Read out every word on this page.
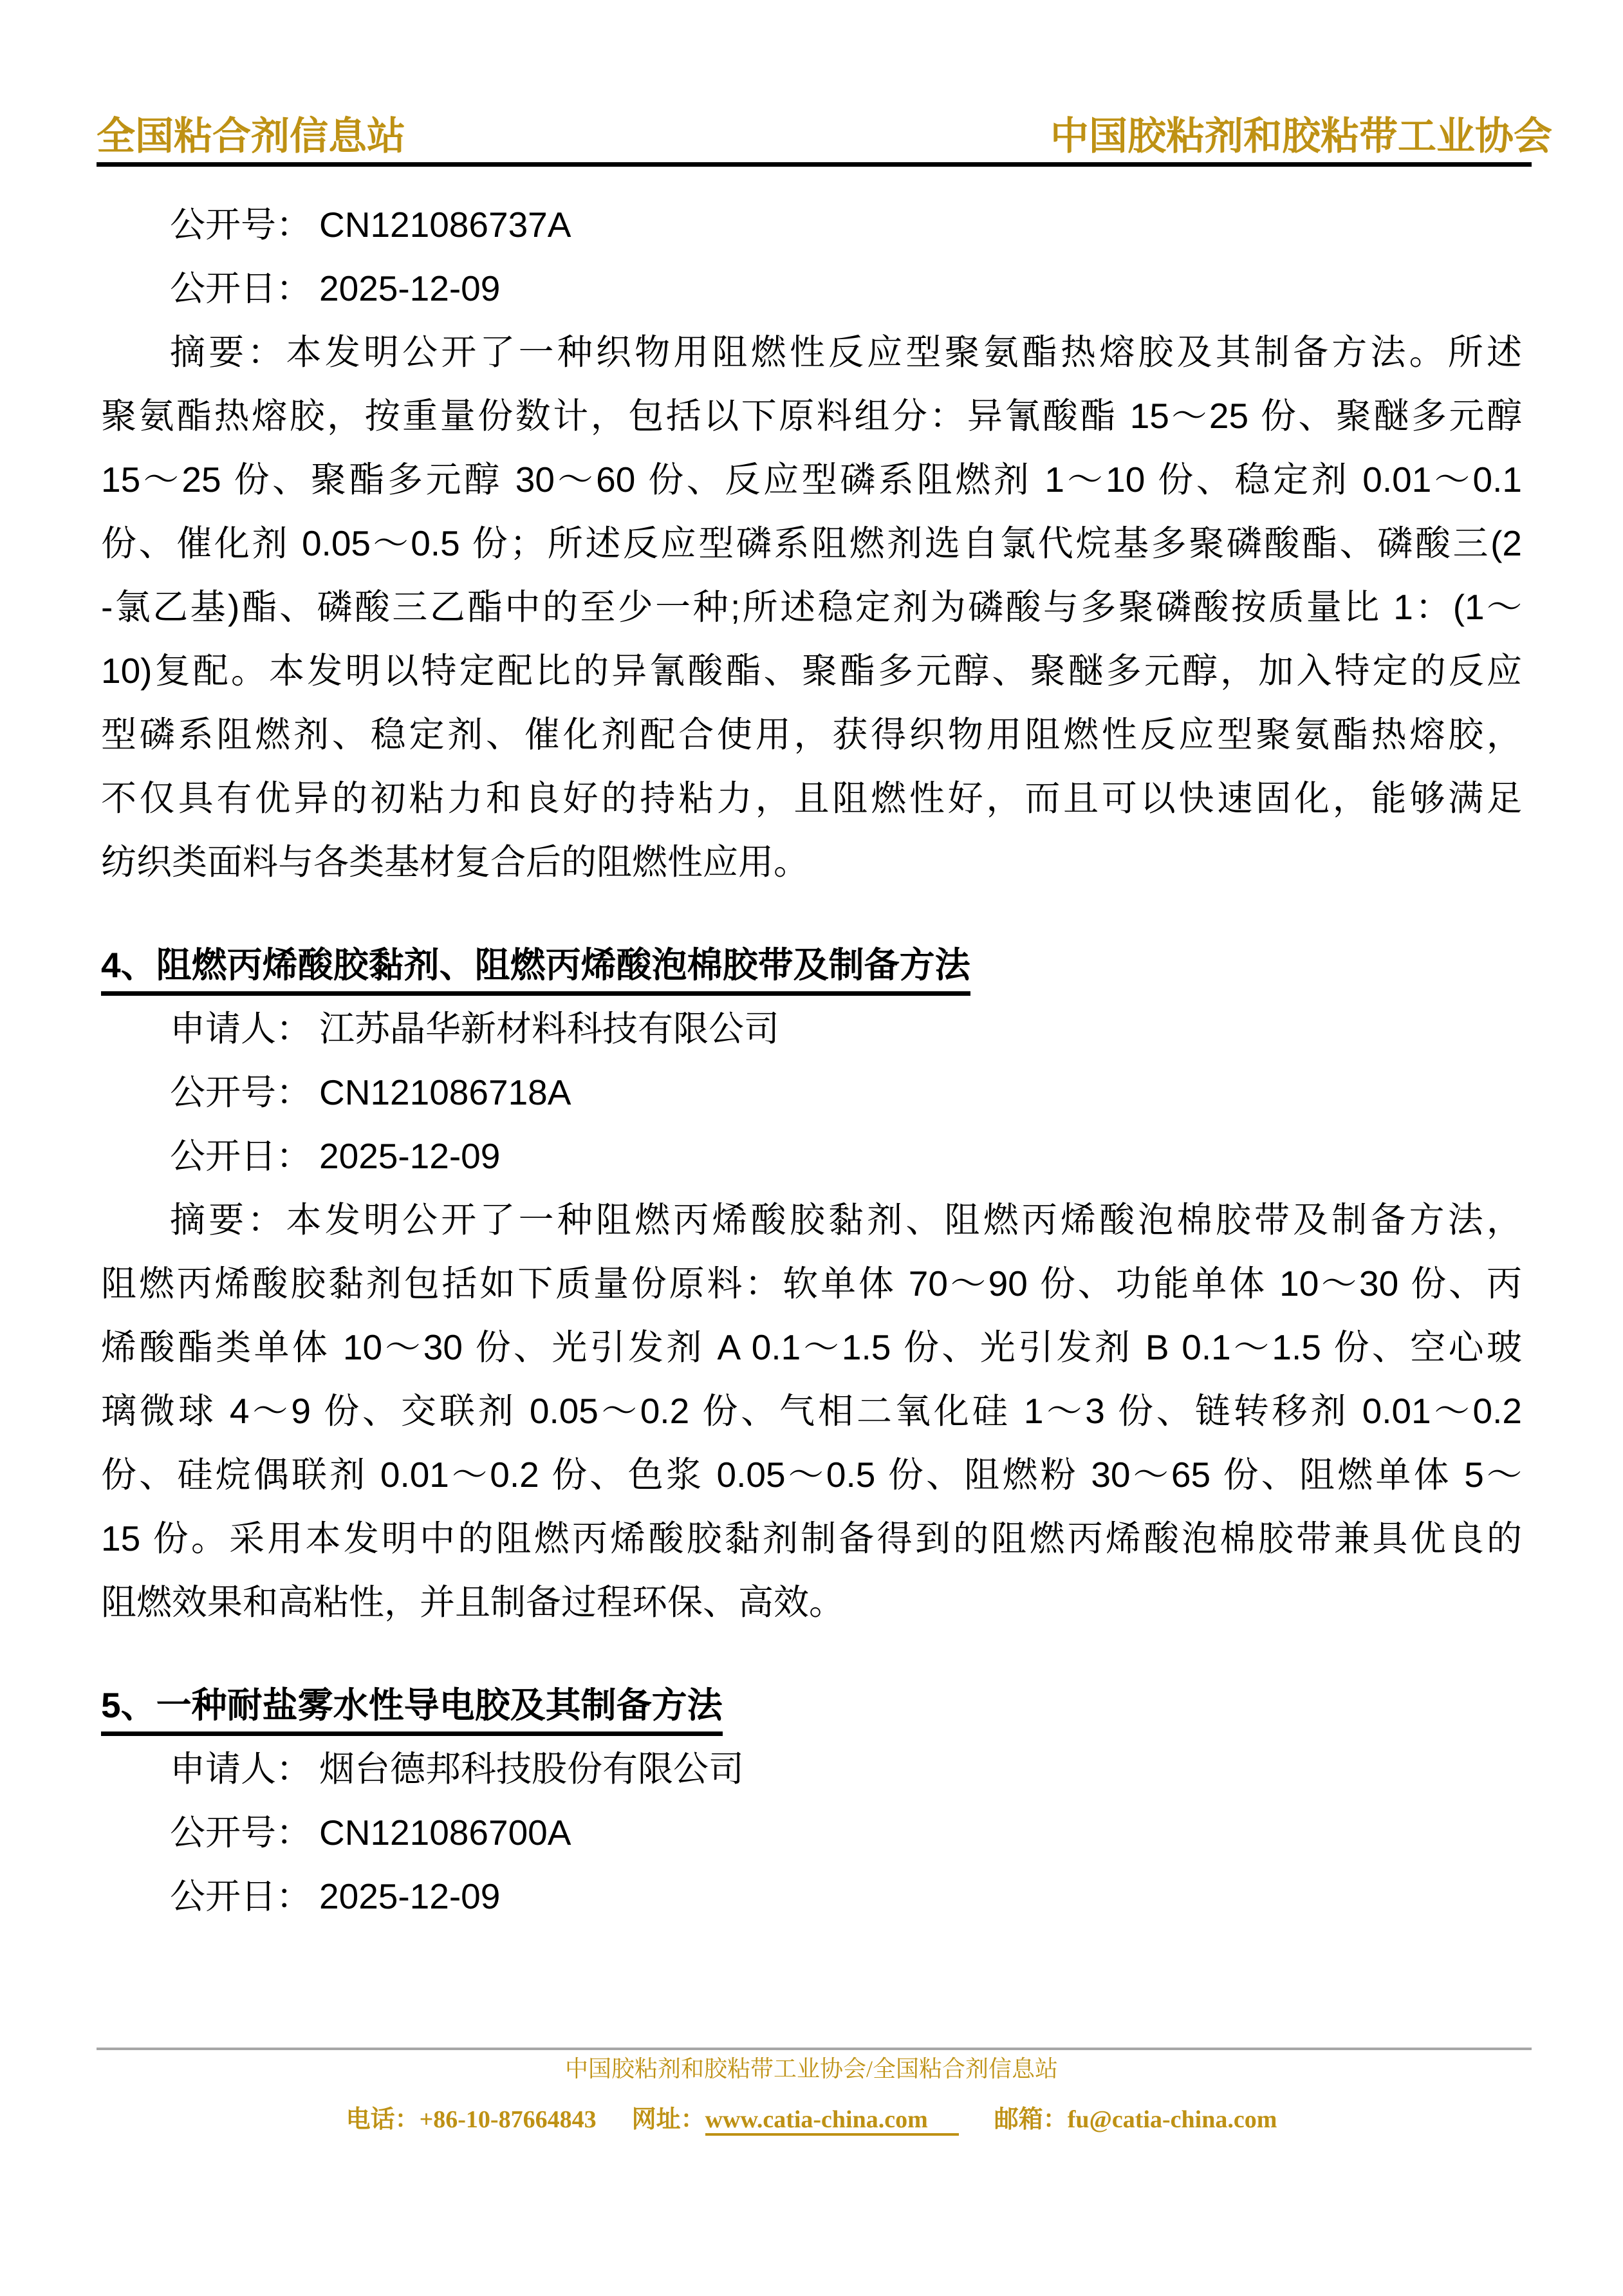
全国粘合剂信息站	中国胶粘剂和胶粘带工业协会
公开号： CN121086737A
公开日： 2025-12-09
摘要：本发明公开了一种织物用阻燃性反应型聚氨酯热熔胶及其制备方法。所述
聚氨酯热熔胶，按重量份数计，包括以下原料组分：异氰酸酯 15～25 份、聚醚多元醇
15～25 份、聚酯多元醇 30～60 份、反应型磷系阻燃剂 1～10 份、稳定剂 0.01～0.1
份、催化剂 0.05～0.5 份；所述反应型磷系阻燃剂选自氯代烷基多聚磷酸酯、磷酸三(2
-氯乙基)酯、磷酸三乙酯中的至少一种;所述稳定剂为磷酸与多聚磷酸按质量比 1：(1～
10)复配。本发明以特定配比的异氰酸酯、聚酯多元醇、聚醚多元醇，加入特定的反应
型磷系阻燃剂、稳定剂、催化剂配合使用，获得织物用阻燃性反应型聚氨酯热熔胶，
不仅具有优异的初粘力和良好的持粘力，且阻燃性好，而且可以快速固化，能够满足
纺织类面料与各类基材复合后的阻燃性应用。
4、阻燃丙烯酸胶黏剂、阻燃丙烯酸泡棉胶带及制备方法
申请人： 江苏晶华新材料科技有限公司
公开号： CN121086718A
公开日： 2025-12-09
摘要：本发明公开了一种阻燃丙烯酸胶黏剂、阻燃丙烯酸泡棉胶带及制备方法，
阻燃丙烯酸胶黏剂包括如下质量份原料：软单体 70～90 份、功能单体 10～30 份、丙
烯酸酯类单体 10～30 份、光引发剂 A 0.1～1.5 份、光引发剂 B 0.1～1.5 份、空心玻
璃微球 4～9 份、交联剂 0.05～0.2 份、气相二氧化硅 1～3 份、链转移剂 0.01～0.2
份、硅烷偶联剂 0.01～0.2 份、色浆 0.05～0.5 份、阻燃粉 30～65 份、阻燃单体 5～
15 份。采用本发明中的阻燃丙烯酸胶黏剂制备得到的阻燃丙烯酸泡棉胶带兼具优良的
阻燃效果和高粘性，并且制备过程环保、高效。
5、一种耐盐雾水性导电胶及其制备方法
申请人： 烟台德邦科技股份有限公司
公开号： CN121086700A
公开日： 2025-12-09
中国胶粘剂和胶粘带工业协会/全国粘合剂信息站
电话：+86-10-87664843 网址：www.catia-china.com	邮箱：fu@catia-china.com
